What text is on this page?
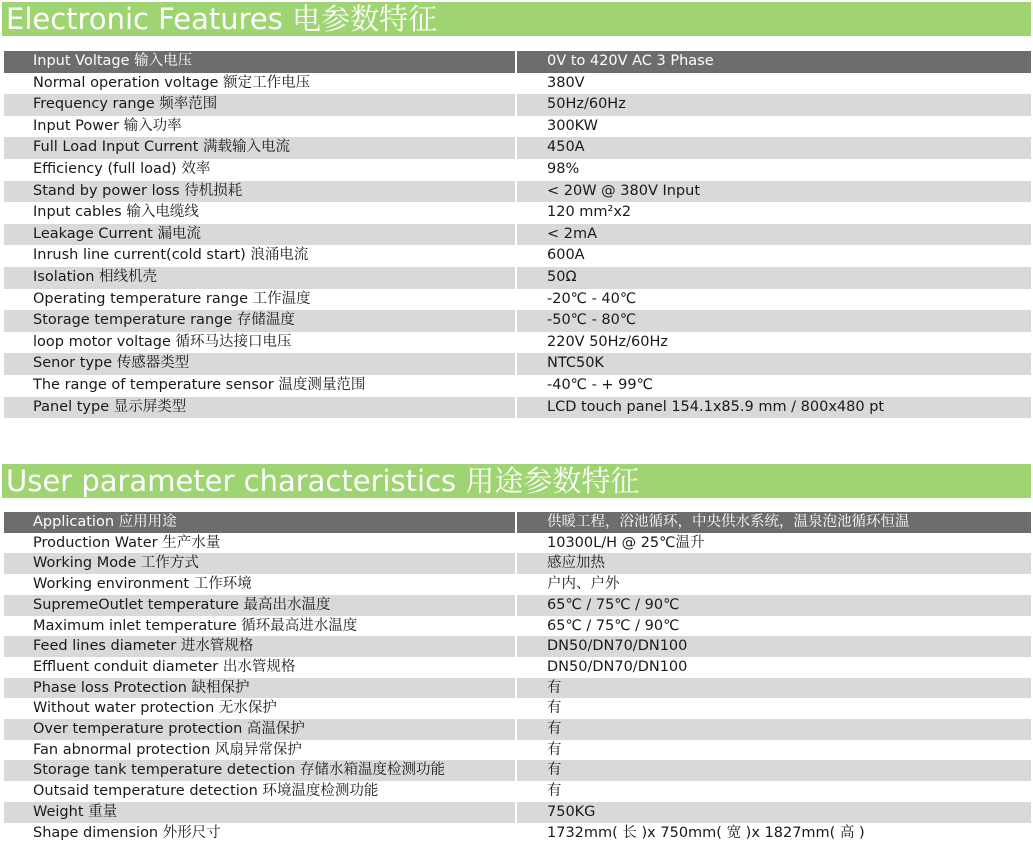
Electronic Features 电参数特征
Input Voltage 输入电压	0V to 420V AC 3 Phase
Normal operation voltage 额定工作电压	380V
Frequency range 频率范围	50Hz/60Hz
Input Power 输入功率	300KW
Full Load Input Current 满载输入电流	450A
Efficiency (full load) 效率	98%
Stand by power loss 待机损耗	< 20W @ 380V Input
Input cables 输入电缆线	120 mm²x2
Leakage Current 漏电流	< 2mA
Inrush line current(cold start) 浪涌电流	600A
Isolation 相线机壳	50Ω
Operating temperature range 工作温度	-20℃ - 40℃
Storage temperature range 存储温度	-50℃ - 80℃
loop motor voltage 循环马达接口电压	220V 50Hz/60Hz
Senor type 传感器类型	NTC50K
The range of temperature sensor 温度测量范围	-40℃ - + 99℃
Panel type 显示屏类型	LCD touch panel 154.1x85.9 mm / 800x480 pt
User parameter characteristics 用途参数特征
Application 应用用途	供暖工程，浴池循环，中央供水系统，温泉泡池循环恒温
Production Water 生产水量	10300L/H @ 25℃温升
Working Mode 工作方式	感应加热
Working environment 工作环境	户内、户外
SupremeOutlet temperature 最高出水温度	65℃ / 75℃ / 90℃
Maximum inlet temperature 循环最高进水温度	65℃ / 75℃ / 90℃
Feed lines diameter 进水管规格	DN50/DN70/DN100
Effluent conduit diameter 出水管规格	DN50/DN70/DN100
Phase loss Protection 缺相保护	有
Without water protection 无水保护	有
Over temperature protection 高温保护	有
Fan abnormal protection 风扇异常保护	有
Storage tank temperature detection 存储水箱温度检测功能	有
Outsaid temperature detection 环境温度检测功能	有
Weight 重量	750KG
Shape dimension 外形尺寸	1732mm( 长 )x 750mm( 宽 )x 1827mm( 高 )
